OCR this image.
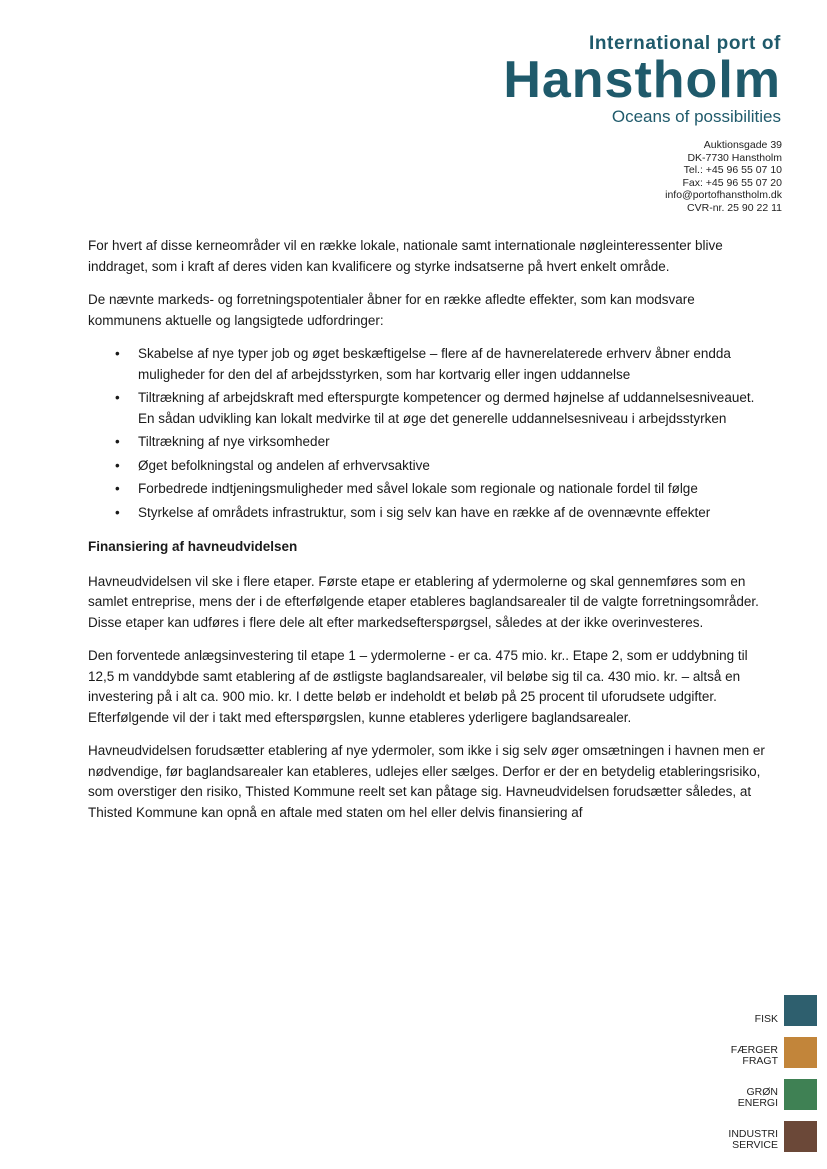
International port of
Hanstholm
Oceans of possibilities
Auktionsgade 39
DK-7730 Hanstholm
Tel.: +45 96 55 07 10
Fax: +45 96 55 07 20
info@portofhanstholm.dk
CVR-nr. 25 90 22 11

For hvert af disse kerneområder vil en række lokale, nationale samt internationale nøgleinteressenter blive inddraget, som i kraft af deres viden kan kvalificere og styrke indsatserne på hvert enkelt område.

De nævnte markeds- og forretningspotentialer åbner for en række afledte effekter, som kan modsvare kommunens aktuelle og langsigtede udfordringer:

• Skabelse af nye typer job og øget beskæftigelse – flere af de havnerelaterede erhverv åbner endda muligheder for den del af arbejdsstyrken, som har kortvarig eller ingen uddannelse
• Tiltrækning af arbejdskraft med efterspurgte kompetencer og dermed højnelse af uddannelsesniveauet. En sådan udvikling kan lokalt medvirke til at øge det generelle uddannelsesniveau i arbejdsstyrken
• Tiltrækning af nye virksomheder
• Øget befolkningstal og andelen af erhvervsaktive
• Forbedrede indtjeningsmuligheder med såvel lokale som regionale og nationale fordel til følge
• Styrkelse af områdets infrastruktur, som i sig selv kan have en række af de ovennævnte effekter
Finansiering af havneudvidelsen

Havneudvidelsen vil ske i flere etaper. Første etape er etablering af ydermolerne og skal gennemføres som en samlet entreprise, mens der i de efterfølgende etaper etableres baglandsarealer til de valgte forretningsområder. Disse etaper kan udføres i flere dele alt efter markedsefterspørgsel, således at der ikke overinvesteres.

Den forventede anlægsinvestering til etape 1 – ydermolerne - er ca. 475 mio. kr.. Etape 2, som er uddybning til 12,5 m vanddybde samt etablering af de østligste baglandsarealer, vil beløbe sig til ca. 430 mio. kr. – altså en investering på i alt ca. 900 mio. kr. I dette beløb er indeholdt et beløb på 25 procent til uforudsete udgifter. Efterfølgende vil der i takt med efterspørgslen, kunne etableres yderligere baglandsarealer.

Havneudvidelsen forudsætter etablering af nye ydermoler, som ikke i sig selv øger omsætningen i havnen men er nødvendige, før baglandsarealer kan etableres, udlejes eller sælges. Derfor er der en betydelig etableringsrisiko, som overstiger den risiko, Thisted Kommune reelt set kan påtage sig. Havneudvidelsen forudsætter således, at Thisted Kommune kan opnå en aftale med staten om hel eller delvis finansiering af

FISK
FÆRGER
FRAGT
GRØN
ENERGI
INDUSTRI
SERVICE
